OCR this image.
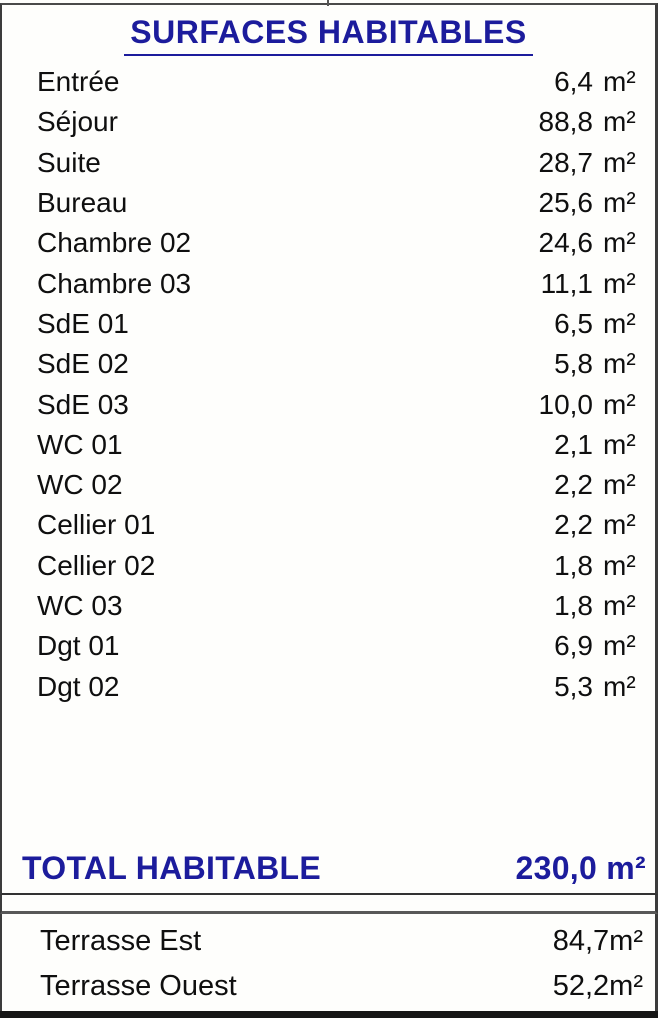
SURFACES HABITABLES
Entrée	6,4 m²
Séjour	88,8 m²
Suite	28,7 m²
Bureau	25,6 m²
Chambre 02	24,6 m²
Chambre 03	11,1 m²
SdE 01	6,5 m²
SdE 02	5,8 m²
SdE 03	10,0 m²
WC 01	2,1 m²
WC 02	2,2 m²
Cellier 01	2,2 m²
Cellier 02	1,8 m²
WC 03	1,8 m²
Dgt 01	6,9 m²
Dgt 02	5,3 m²
TOTAL HABITABLE	230,0 m²
Terrasse Est	84,7m²
Terrasse Ouest	52,2m²
